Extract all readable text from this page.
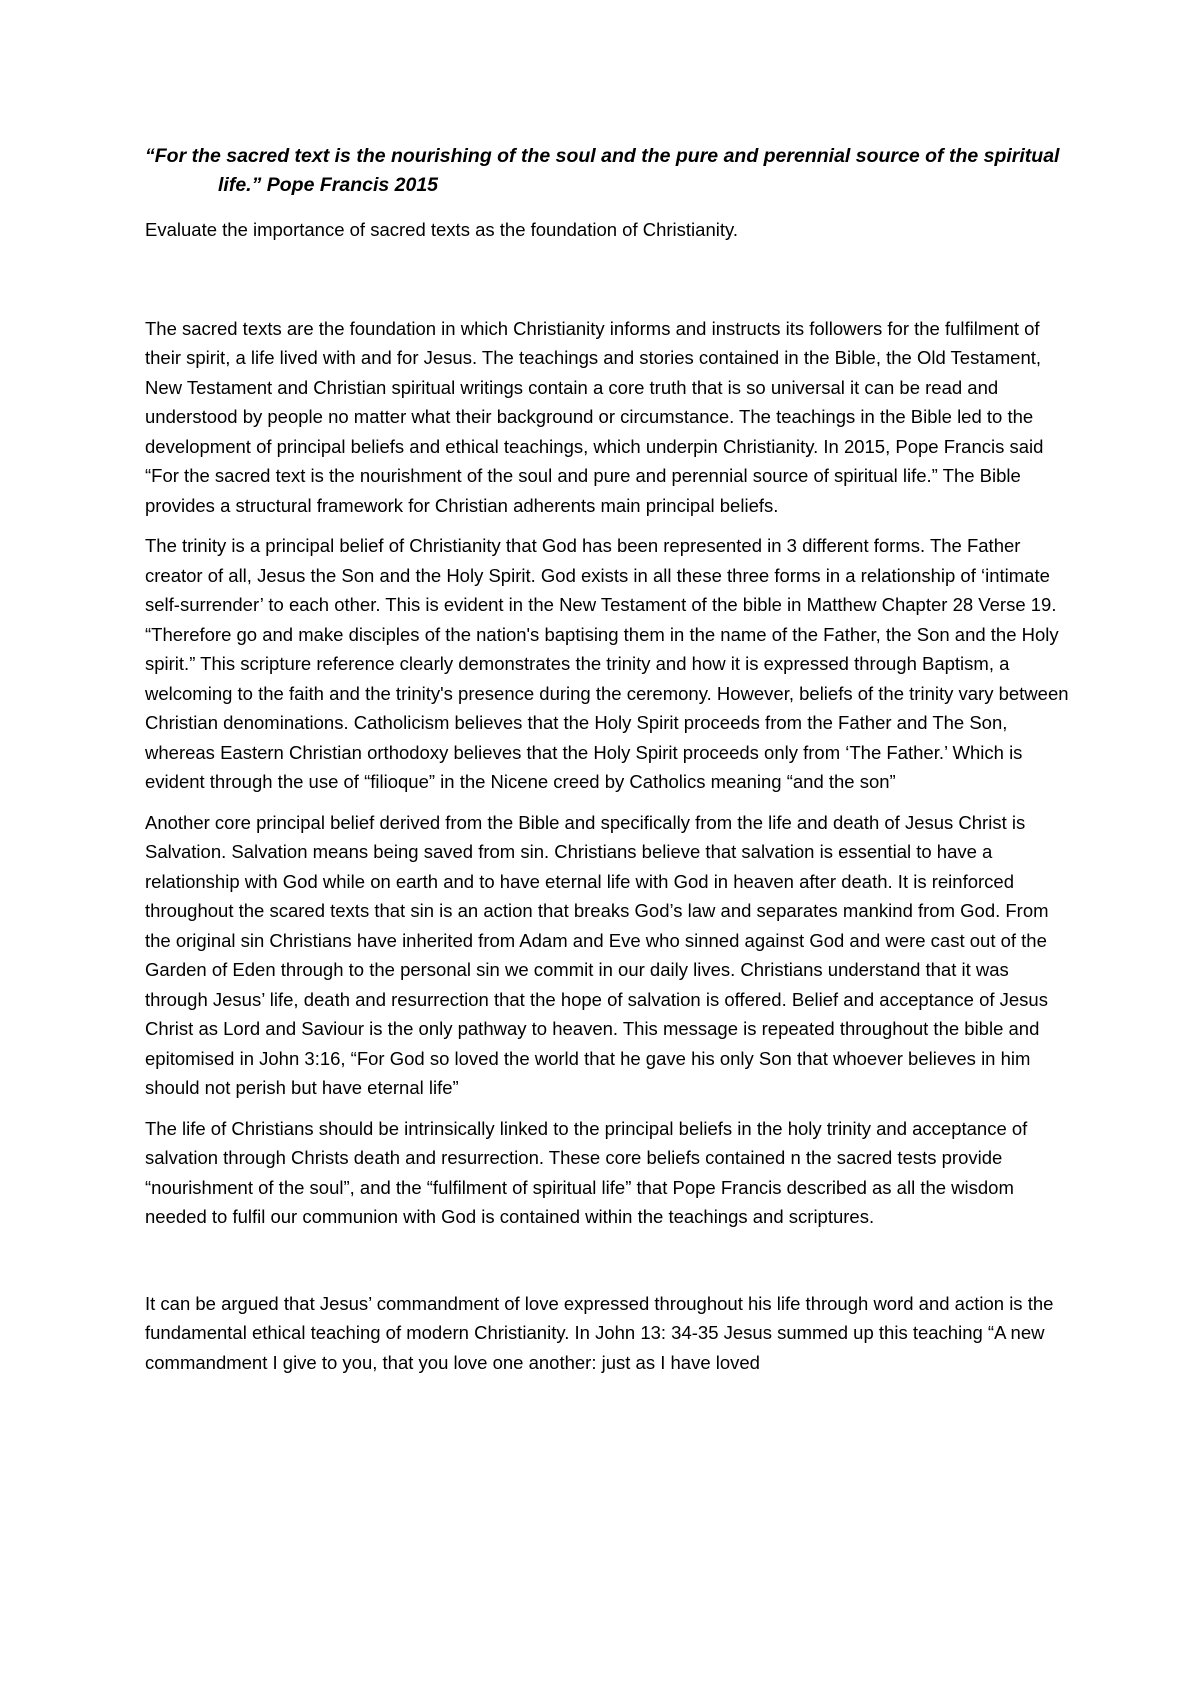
“For the sacred text is the nourishing of the soul and the pure and perennial source of the spiritual life.” Pope Francis 2015

Evaluate the importance of sacred texts as the foundation of Christianity.

The sacred texts are the foundation in which Christianity informs and instructs its followers for the fulfilment of their spirit, a life lived with and for Jesus. The teachings and stories contained in the Bible, the Old Testament, New Testament and Christian spiritual writings contain a core truth that is so universal it can be read and understood by people no matter what their background or circumstance. The teachings in the Bible led to the development of principal beliefs and ethical teachings, which underpin Christianity. In 2015, Pope Francis said “For the sacred text is the nourishment of the soul and pure and perennial source of spiritual life.” The Bible provides a structural framework for Christian adherents main principal beliefs.

The trinity is a principal belief of Christianity that God has been represented in 3 different forms. The Father creator of all, Jesus the Son and the Holy Spirit. God exists in all these three forms in a relationship of ‘intimate self-surrender’ to each other. This is evident in the New Testament of the bible in Matthew Chapter 28 Verse 19. “Therefore go and make disciples of the nation's baptising them in the name of the Father, the Son and the Holy spirit.” This scripture reference clearly demonstrates the trinity and how it is expressed through Baptism, a welcoming to the faith and the trinity's presence during the ceremony. However, beliefs of the trinity vary between Christian denominations. Catholicism believes that the Holy Spirit proceeds from the Father and The Son, whereas Eastern Christian orthodoxy believes that the Holy Spirit proceeds only from ‘The Father.’ Which is evident through the use of “filioque” in the Nicene creed by Catholics meaning “and the son”

Another core principal belief derived from the Bible and specifically from the life and death of Jesus Christ is Salvation. Salvation means being saved from sin. Christians believe that salvation is essential to have a relationship with God while on earth and to have eternal life with God in heaven after death. It is reinforced throughout the scared texts that sin is an action that breaks God’s law and separates mankind from God. From the original sin Christians have inherited from Adam and Eve who sinned against God and were cast out of the Garden of Eden through to the personal sin we commit in our daily lives. Christians understand that it was through Jesus’ life, death and resurrection that the hope of salvation is offered. Belief and acceptance of Jesus Christ as Lord and Saviour is the only pathway to heaven. This message is repeated throughout the bible and epitomised in John 3:16, “For God so loved the world that he gave his only Son that whoever believes in him should not perish but have eternal life”

The life of Christians should be intrinsically linked to the principal beliefs in the holy trinity and acceptance of salvation through Christs death and resurrection. These core beliefs contained n the sacred tests provide “nourishment of the soul”, and the “fulfilment of spiritual life” that Pope Francis described as all the wisdom needed to fulfil our communion with God is contained within the teachings and scriptures.

It can be argued that Jesus’ commandment of love expressed throughout his life through word and action is the fundamental ethical teaching of modern Christianity. In John 13: 34-35 Jesus summed up this teaching “A new commandment I give to you, that you love one another: just as I have loved
